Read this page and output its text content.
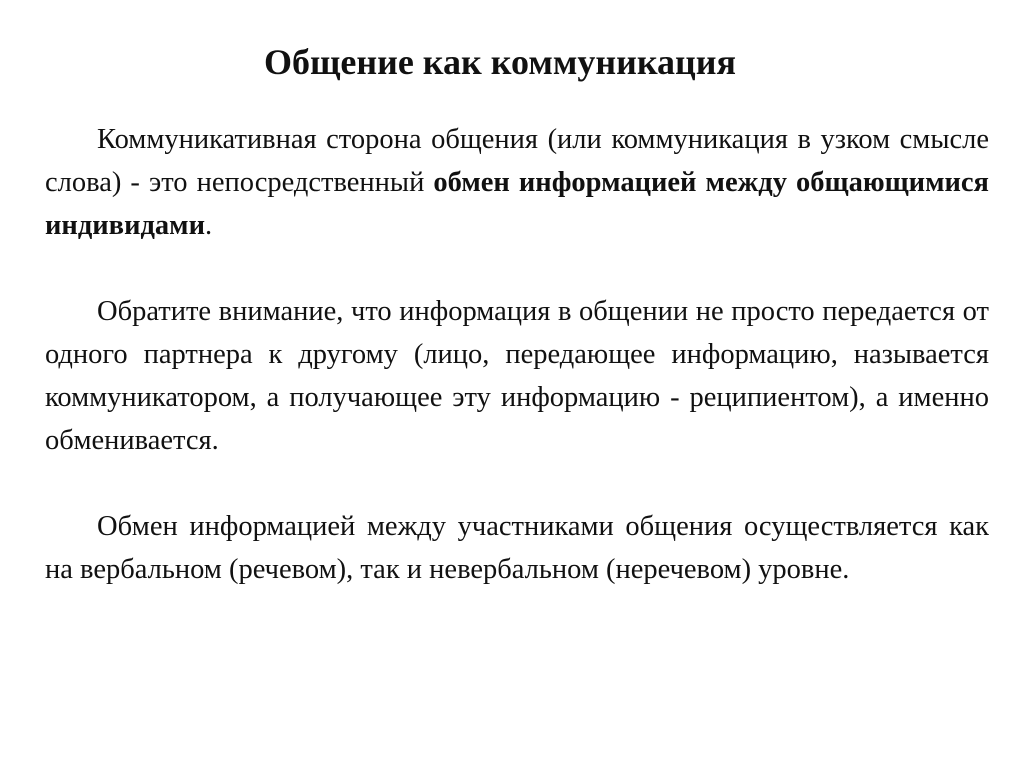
Общение как коммуникация

Коммуникативная сторона общения (или коммуникация в узком смысле слова) - это непосредственный обмен информацией между общающимися индивидами.

Обратите внимание, что информация в общении не просто передается от одного партнера к другому (лицо, передающее информацию, называется коммуникатором, а получающее эту информацию - реципиентом), а именно обменивается.

Обмен информацией между участниками общения осуществляется как на вербальном (речевом), так и невербальном (неречевом) уровне.
